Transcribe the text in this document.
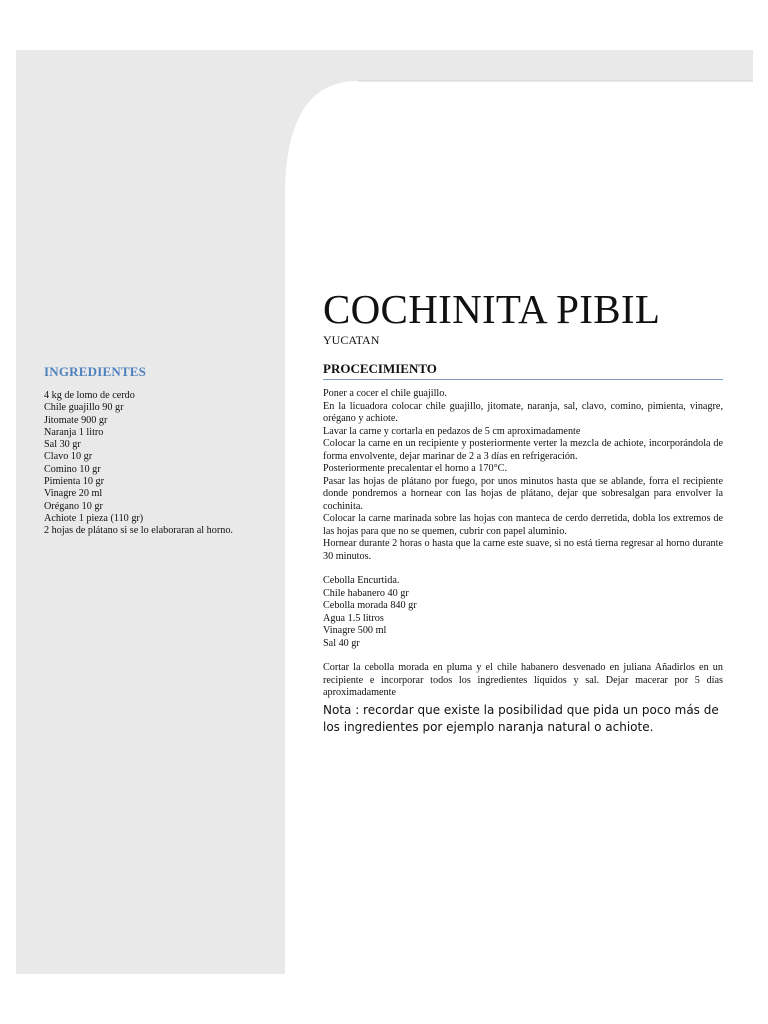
INGREDIENTES
4 kg de lomo de cerdo
Chile guajillo 90 gr
Jitomate 900 gr
Naranja 1 litro
Sal 30 gr
Clavo 10 gr
Comino 10 gr
Pimienta 10 gr
Vinagre 20 ml
Orégano 10 gr
Achiote 1 pieza (110 gr)
2 hojas de plátano si se lo elaboraran al horno.
COCHINITA PIBIL
YUCATAN
PROCECIMIENTO
Poner a cocer el chile guajillo.
En la licuadora colocar chile guajillo, jitomate, naranja, sal, clavo, comino, pimienta, vinagre, orégano y achiote.
Lavar la carne y cortarla en pedazos de 5 cm aproximadamente
Colocar la carne en un recipiente y posteriormente verter la mezcla de achiote, incorporándola de forma envolvente, dejar marinar de 2 a 3 días en refrigeración.
Posteriormente precalentar el horno a 170°C.
Pasar las hojas de plátano por fuego, por unos minutos hasta que se ablande, forra el recipiente donde pondremos a hornear con las hojas de plátano, dejar que sobresalgan para envolver la cochinita.
Colocar la carne marinada sobre las hojas con manteca de cerdo derretida, dobla los extremos de las hojas para que no se quemen, cubrir con papel aluminio.
Hornear durante 2 horas o hasta que la carne este suave, si no está tierna regresar al horno durante 30 minutos.
Cebolla Encurtida.
Chile habanero 40 gr
Cebolla morada 840 gr
Agua 1.5 litros
Vinagre 500 ml
Sal 40 gr
Cortar la cebolla morada en pluma y el chile habanero desvenado en juliana Añadirlos en un recipiente e incorporar todos los ingredientes líquidos y sal. Dejar macerar por 5 días aproximadamente
Nota : recordar que existe la posibilidad que pida un poco más de los ingredientes por ejemplo naranja natural o achiote.
